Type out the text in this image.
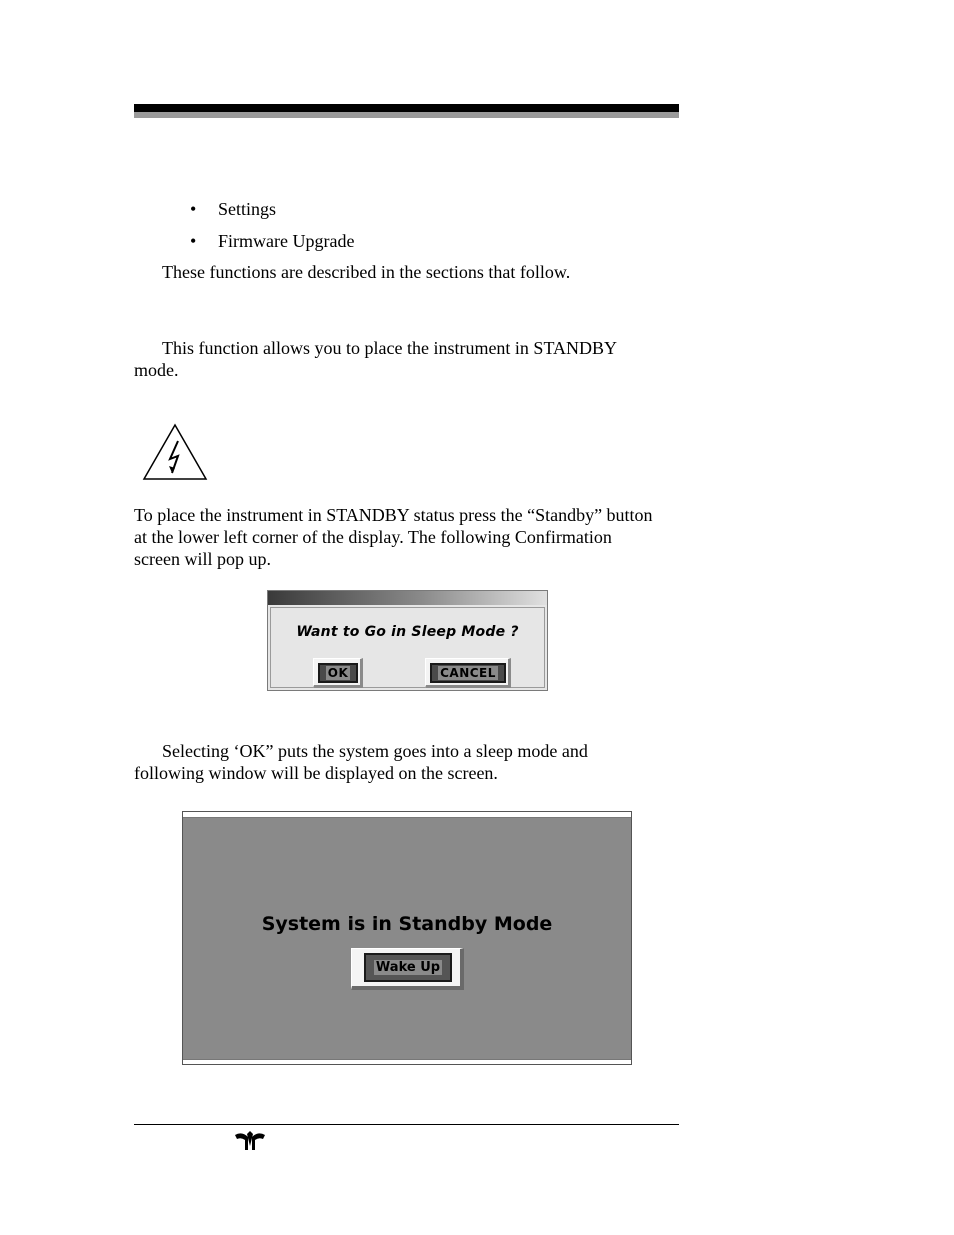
• Settings
• Firmware Upgrade
These functions are described in the sections that follow.
This function allows you to place the instrument in STANDBY
mode.
To place the instrument in STANDBY status press the “Standby” button
at the lower left corner of the display. The following Confirmation
screen will pop up.
Want to Go in Sleep Mode ?
OK	CANCEL
Selecting ‘OK” puts the system goes into a sleep mode and
following window will be displayed on the screen.
System is in Standby Mode
Wake Up
